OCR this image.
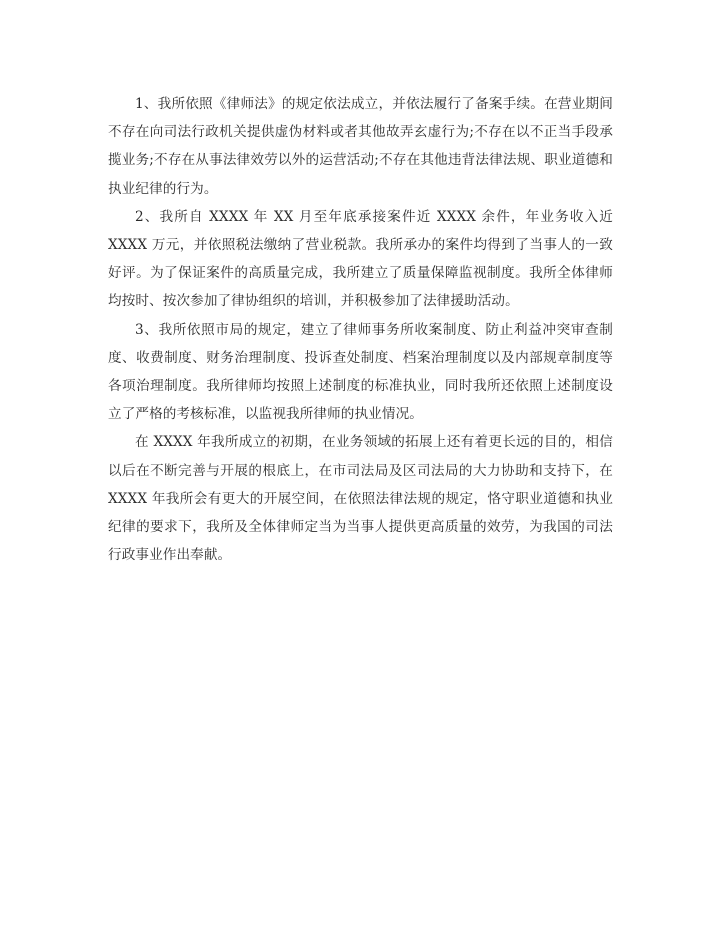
1、我所依照《律师法》的规定依法成立，并依法履行了备案手续。在营业期间不存在向司法行政机关提供虚伪材料或者其他故弄玄虚行为;不存在以不正当手段承揽业务;不存在从事法律效劳以外的运营活动;不存在其他违背法律法规、职业道德和执业纪律的行为。

2、我所自 XXXX 年 XX 月至年底承接案件近 XXXX 余件，年业务收入近 XXXX 万元，并依照税法缴纳了营业税款。我所承办的案件均得到了当事人的一致好评。为了保证案件的高质量完成，我所建立了质量保障监视制度。我所全体律师均按时、按次参加了律协组织的培训，并积极参加了法律援助活动。

3、我所依照市局的规定，建立了律师事务所收案制度、防止利益冲突审查制度、收费制度、财务治理制度、投诉查处制度、档案治理制度以及内部规章制度等各项治理制度。我所律师均按照上述制度的标准执业，同时我所还依照上述制度设立了严格的考核标准，以监视我所律师的执业情况。

在 XXXX 年我所成立的初期，在业务领域的拓展上还有着更长远的目的，相信以后在不断完善与开展的根底上，在市司法局及区司法局的大力协助和支持下，在 XXXX 年我所会有更大的开展空间，在依照法律法规的规定，恪守职业道德和执业纪律的要求下，我所及全体律师定当为当事人提供更高质量的效劳，为我国的司法行政事业作出奉献。
